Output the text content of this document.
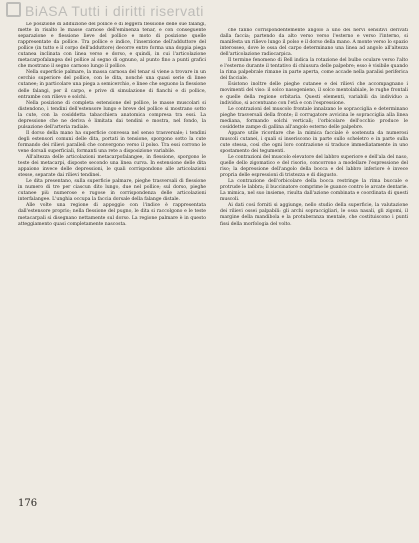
BiASA Tutti i diritti riservati

Le posizione di adduzione del pollice e di leggera flessione delle sue falangi, mette in risalto le masse carnose dell'eminenza tenar, e con conseguente separazione e flessione lieve del pollice e moto di posizione quelle rappresentate da pollice. Tra pollice e indice, l'inserzione dell'adduttore del pollice (in tutto e il corpo dell'adduttore) decorre entro forma una doppia piega cutanea inclinata con linea verso e dorso, e quindi, in cui l'articolazione metacarpofalangea del pollice al segno di ognuno, al punto fino a punti grafici che mostrano il segno carnoso lungo il pollice.

Nella superficie palmare, la massa carnosa del tenar si viene a trovare in un cerchio superiore del pollice, con le dita, nonché una quasi serie di linee cutanee; in particolare una piega a semicerchio, e linee che seguono la flessione delle falangi, per il carpo, e prive di simulazione di fianchi e di pollice, entrambe con rilievo e solchi.

Nella posizione di completa estensione del pollice, le masse muscolari si distendono, i tendini dell'estensore lungo e breve del pollice si mostrano sotto la cute, con la cosiddetta tabacchiera anatomica compresa tra essi. La depressione che ne deriva è limitata dai tendini e mostra, nel fondo, la pulsazione dell'arteria radiale.

Il dorso della mano ha superficie convessa nel senso trasversale; i tendini degli estensori comuni delle dita, portati in tensione, sporgono sotto la cute formando dei rilievi paralleli che convergono verso il polso. Tra essi corrono le vene dorsali superficiali, formanti una rete a disposizione variabile.

All'altezza delle articolazioni metacarpofalangee, in flessione, sporgono le teste dei metacarpi, disposte secondo una linea curva. In estensione delle dita appaiono invece delle depressioni, le quali corrispondono alle articolazioni stesse, separate dai rilievi tendinei.

Le dita presentano, sulla superficie palmare, pieghe trasversali di flessione in numero di tre per ciascun dito lungo, due nel pollice; sul dorso, pieghe cutanee più numerose e rugose in corrispondenza delle articolazioni interfalangee. L'unghia occupa la faccia dorsale della falange distale.

Alle volte una regione di appoggio con l'indice è rappresentata dall'estensore proprio; nella flessione del pugno, le dita si raccolgono e le teste metacarpali si disegnano nettamente sul dorso. La regione palmare è in questo atteggiamento quasi completamente nascosta.

che fanno corrispondentemente angolo a uno dei nervi sensitivi derivati dalla faccia; partendo da alto verso verso l'esterno e verso l'interno, si manifesta un rilievo lungo il polso e il dorso della mano. A monte verso lo spazio interosseo, dove le ossa del carpo determinano una linea ad angolo all'altezza dell'articolazione radiocarpica.

Il termine fenomeno di Bell indica la rotazione del bulbo oculare verso l'alto e l'esterno durante il tentativo di chiusura delle palpebre; esso è visibile quando la rima palpebrale rimane in parte aperta, come accade nella paralisi periferica del facciale.

Esistono inoltre delle pieghe cutanee e dei rilievi che accompagnano i movimenti del viso: il solco nasogenieno, il solco mentolabiale, le rughe frontali e quelle della regione orbitaria. Questi elementi, variabili da individuo a individuo, si accentuano con l'età e con l'espressione.

Le contrazioni del muscolo frontale innalzano le sopracciglia e determinano pieghe trasversali della fronte; il corrugatore avvicina le sopracciglia alla linea mediana, formando solchi verticali; l'orbicolare dell'occhio produce le cosiddette zampe di gallina all'angolo esterno delle palpebre.

Appare utile ricordare che la mimica facciale è sostenuta da numerosi muscoli cutanei, i quali si inseriscono in parte sullo scheletro e in parte sulla cute stessa, così che ogni loro contrazione si traduce immediatamente in uno spostamento dei tegumenti.

Le contrazioni del muscolo elevatore del labbro superiore e dell'ala del naso, quelle dello zigomatico e del risorio, concorrono a modellare l'espressione del riso; la depressione dell'angolo della bocca e del labbro inferiore è invece propria delle espressioni di tristezza e di disgusto.

La contrazione dell'orbicolare della bocca restringe la rima buccale e protrude le labbra; il buccinatore comprime le guance contro le arcate dentarie. La mimica, nel suo insieme, risulta dall'azione combinata e coordinata di questi muscoli.

Ai dati così forniti si aggiunge, nello studio della superficie, la valutazione dei rilievi ossei palpabili: gli archi sopraccigliari, le ossa nasali, gli zigomi, il margine della mandibola e la protuberanza mentale, che costituiscono i punti fissi della morfologia del volto.

176
